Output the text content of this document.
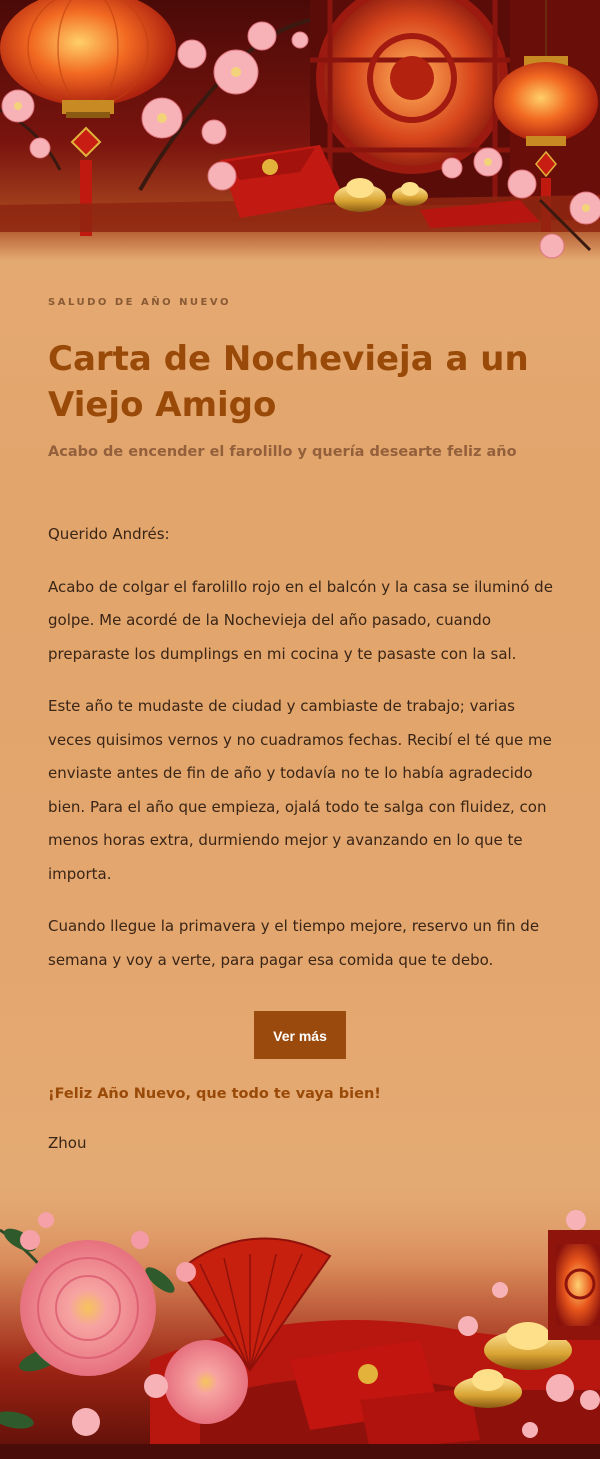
SALUDO DE AÑO NUEVO
Carta de Nochevieja a un Viejo Amigo

Acabo de encender el farolillo y quería desearte feliz año

Querido Andrés:

Acabo de colgar el farolillo rojo en el balcón y la casa se iluminó de golpe. Me acordé de la Nochevieja del año pasado, cuando preparaste los dumplings en mi cocina y te pasaste con la sal.

Este año te mudaste de ciudad y cambiaste de trabajo; varias veces quisimos vernos y no cuadramos fechas. Recibí el té que me enviaste antes de fin de año y todavía no te lo había agradecido bien. Para el año que empieza, ojalá todo te salga con fluidez, con menos horas extra, durmiendo mejor y avanzando en lo que te importa.

Cuando llegue la primavera y el tiempo mejore, reservo un fin de semana y voy a verte, para pagar esa comida que te debo.

Ver más

¡Feliz Año Nuevo, que todo te vaya bien!

Zhou
